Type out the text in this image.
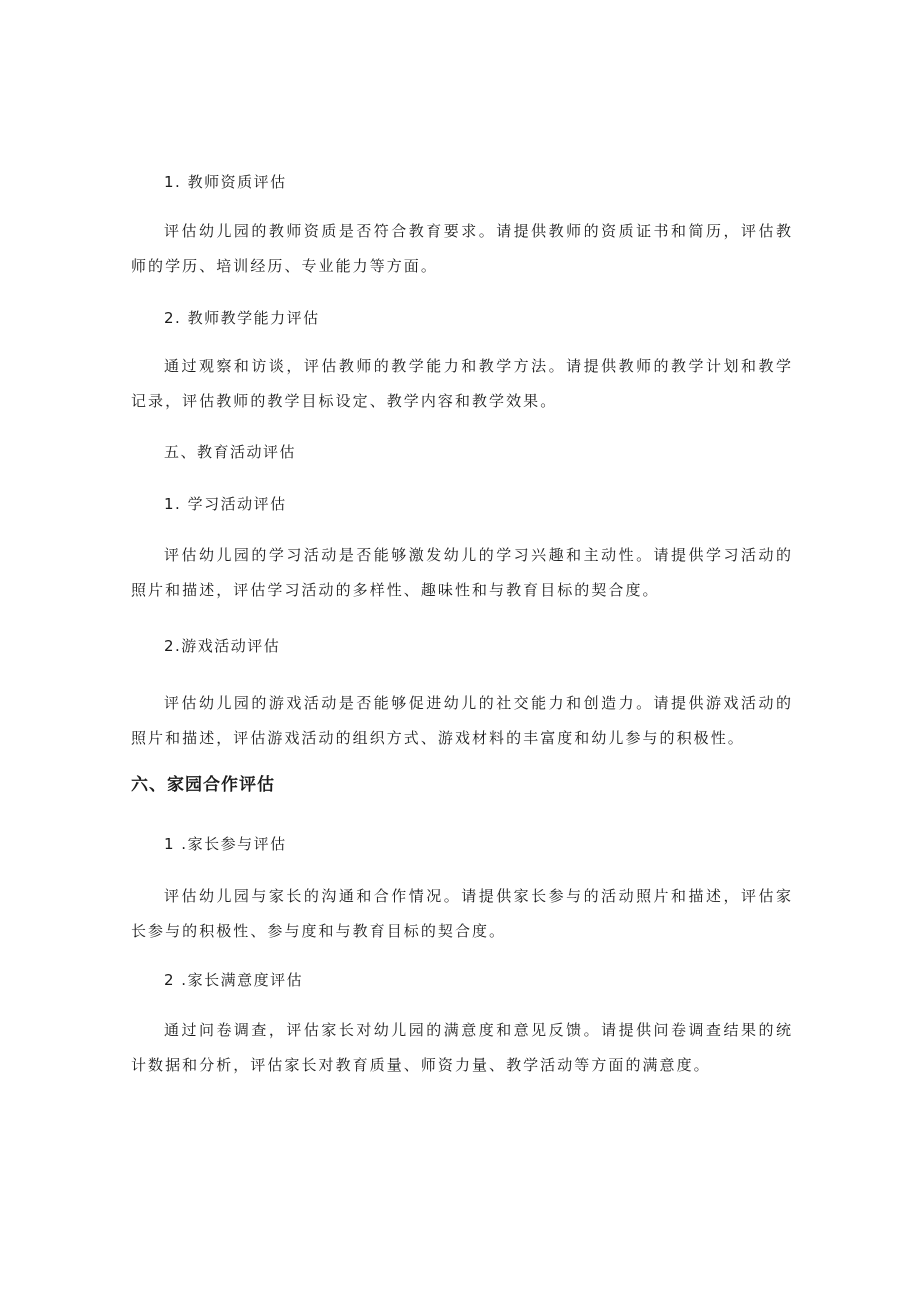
1. 教师资质评估
评估幼儿园的教师资质是否符合教育要求。请提供教师的资质证书和简历，评估教师的学历、培训经历、专业能力等方面。
2. 教师教学能力评估
通过观察和访谈，评估教师的教学能力和教学方法。请提供教师的教学计划和教学记录，评估教师的教学目标设定、教学内容和教学效果。
五、教育活动评估
1. 学习活动评估
评估幼儿园的学习活动是否能够激发幼儿的学习兴趣和主动性。请提供学习活动的照片和描述，评估学习活动的多样性、趣味性和与教育目标的契合度。
2.游戏活动评估
评估幼儿园的游戏活动是否能够促进幼儿的社交能力和创造力。请提供游戏活动的照片和描述，评估游戏活动的组织方式、游戏材料的丰富度和幼儿参与的积极性。
六、家园合作评估
1 .家长参与评估
评估幼儿园与家长的沟通和合作情况。请提供家长参与的活动照片和描述，评估家长参与的积极性、参与度和与教育目标的契合度。
2 .家长满意度评估
通过问卷调查，评估家长对幼儿园的满意度和意见反馈。请提供问卷调查结果的统计数据和分析，评估家长对教育质量、师资力量、教学活动等方面的满意度。
